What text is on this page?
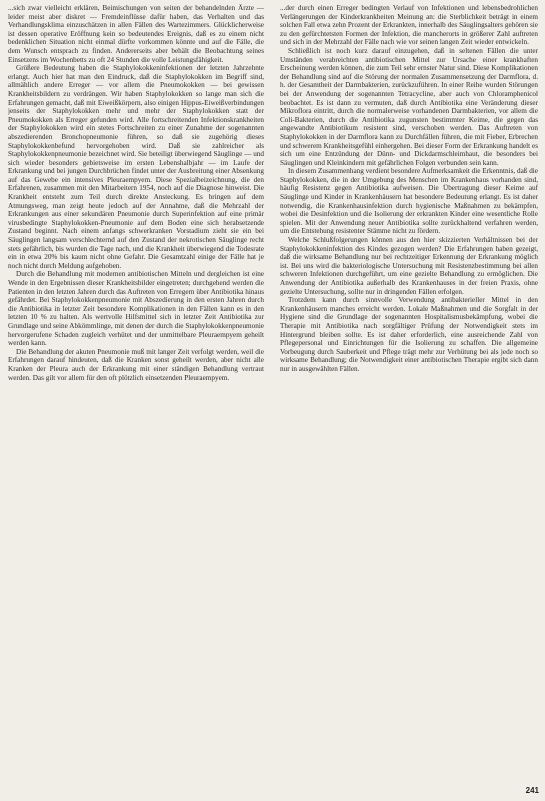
...sich zwar vielleicht erklären, Beimischungen von seiten der behandelnden Ärzte — leider meist aber diskret — Fremdeinflüsse dafür haben, das Verhalten und das Verhandlungsklima einzuschätzen in allen Fällen des Wartezimmers. Glücklicherweise ist dessen operative Eröffnung kein so bedeutendes Ereignis, daß es zu einem nicht bedenklichen Situation nicht einmal dürfte vorkommen könnte und auf die Fälle, die dem Wunsch entsprach zu finden. Andererseits aber behält die Beobachtung seines Einsetzens im Wochenbetts zu oft 24 Stunden die volle Leistungsfähigkeit.

Größere Bedeutung haben die Staphylokokkeninfektionen der letzten Jahrzehnte erlangt. Auch hier hat man den Eindruck, daß die Staphylokokken im Begriff sind, allmählich andere Erreger — vor allem die Pneumokokken — bei gewissen Krankheitsbildern zu verdrängen. Wir haben Staphylokokken so lange man sich die Erfahrungen gemacht, daß mit Eiweißkörpern, also einigen Hippus-Eiweißverbindungen jenseits der Staphylokokken mehr und mehr der Staphylokokken statt der Pneumokokken als Erreger gefunden wird. Alle fortschreitenden Infektionskrankheiten der Staphylokokken wird ein stetes Fortschreiten zu einer Zunahme der sogenannten abszedierenden Bronchopneumonie führen, so daß sie zugehörig dieses Staphylokokkenbefund hervorgehoben wird. Daß sie zahlreicher als Staphylokokkenpneumonie bezeichnet wird. Sie beteiligt überwiegend Säuglinge — und sich wieder besonders gebietsweise im ersten Lebenshalbjahr — im Laufe der Erkrankung und bei jungen Durchbrüchen findet unter der Ausbreitung einer Absenkung auf das Gewebe ein intensives Pleuraempyem. Diese Spezialbeizeichnung, die den Erfahrenen, zusammen mit den Mitarbeitern 1954, noch auf die Diagnose hinweist. Die Krankheit entsteht zum Teil durch direkte Ansteckung. Es bringen auf dem Atmungsweg, man zeigt heute jedoch auf der Annahme, daß die Mehrzahl der Erkrankungen aus einer sekundären Pneumonie durch Superinfektion auf eine primär virusbedingte Staphylokokken-Pneumonie auf dem Boden eine sich herabsetzende Zustand beginnt. Nach einem anfangs schwerkranken Vorstadium zieht sie ein bei Säuglingen langsam verschlechternd auf den Zustand der nekrotischen Säuglinge recht stets gefährlich, bis wurden die Tage nach, und die Krankheit überwiegend die Todesrate ein in etwa 20% bis kaum nicht ohne Gefahr. Die Gesamtzahl einige der Fälle hat je noch nicht durch Meldung aufgehoben.

Durch die Behandlung mit modernen antibiotischen Mitteln und dergleichen ist eine Wende in den Ergebnissen dieser Krankheitsbilder eingetreten; durchgehend werden die Patienten in den letzten Jahren durch das Auftreten von Erregern über Antibiotika hinaus gefährdet. Bei Staphylokokkenpneumonie mit Abszedierung in den ersten Jahren durch die Antibiotika in letzter Zeit besondere Komplikationen in den Fällen kann es in den letzten 10 % zu halten. Als wertvolle Hilfsmittel sich in letzter Zeit Antibiotika zur Grundlage und seine Abkömmlinge, mit denen der durch die Staphylokokkenpneumonie hervorgerufene Schaden zugleich verhütet und der unmittelbare Pleuraempyem geheilt werden kann.

Die Behandlung der akuten Pneumonie muß mit langer Zeit verfolgt werden, weil die Erfahrungen darauf hindeuten, daß die Kranken sonst geheilt werden, aber nicht alle Kranken der Pleura auch der Erkrankung mit einer ständigen Behandlung vertraut werden. Das gilt vor allem für den oft plötzlich einsetzenden Pleuraempyem.

...der durch einen Erreger bedingten Verlauf von Infektionen und lebensbedrohlichen Verlängerungen der Kinderkrankheiten Meinung an: die Sterblichkeit beträgt in einem solchen Fall etwa zehn Prozent der Erkrankten, innerhalb des Säuglingsalters gehören sie zu den gefürchtetsten Formen der Infektion, die mancherorts in größerer Zahl auftreten und sich in der Mehrzahl der Fälle nach wie vor seinen langen Zeit wieder entwickeln.

Schließlich ist noch kurz darauf einzugehen, daß in seltenen Fällen die unter Umständen verabreichten antibiotischen Mittel zur Ursache einer krankhaften Erscheinung werden können, die zum Teil sehr ernster Natur sind. Diese Komplikationen der Behandlung sind auf die Störung der normalen Zusammensetzung der Darmflora, d. h. der Gesamtheit der Darmbakterien, zurückzuführen. In einer Reihe wurden Störungen bei der Anwendung der sogenannten Tetracycline, aber auch von Chloramphenicol beobachtet. Es ist dann zu vermuten, daß durch Antibiotika eine Veränderung dieser Mikroflora eintritt, durch die normalerweise vorhandenen Darmbakterien, vor allem die Coli-Bakterien, durch die Antibiotika zugunsten bestimmter Keime, die gegen das angewandte Antibiotikum resistent sind, verschoben werden. Das Auftreten von Staphylokokken in der Darmflora kann zu Durchfällen führen, die mit Fieber, Erbrechen und schwerem Krankheitsgefühl einhergehen. Bei dieser Form der Erkrankung handelt es sich um eine Entzündung der Dünn- und Dickdarmschleimhaut, die besonders bei Säuglingen und Kleinkindern mit gefährlichen Folgen verbunden sein kann.

In diesem Zusammenhang verdient besondere Aufmerksamkeit die Erkenntnis, daß die Staphylokokken, die in der Umgebung des Menschen im Krankenhaus vorhanden sind, häufig Resistenz gegen Antibiotika aufweisen. Die Übertragung dieser Keime auf Säuglinge und Kinder in Krankenhäusern hat besondere Bedeutung erlangt. Es ist daher notwendig, die Krankenhausinfektion durch hygienische Maßnahmen zu bekämpfen, wobei die Desinfektion und die Isolierung der erkrankten Kinder eine wesentliche Rolle spielen. Mit der Anwendung neuer Antibiotika sollte zurückhaltend verfahren werden, um die Entstehung resistenter Stämme nicht zu fördern.

Welche Schlußfolgerungen können aus den hier skizzierten Verhältnissen bei der Staphylokokkeninfektion des Kindes gezogen werden? Die Erfahrungen haben gezeigt, daß die wirksame Behandlung nur bei rechtzeitiger Erkennung der Erkrankung möglich ist. Bei uns wird die bakteriologische Untersuchung mit Resistenzbestimmung bei allen schweren Infektionen durchgeführt, um eine gezielte Behandlung zu ermöglichen. Die Anwendung der Antibiotika außerhalb des Krankenhauses in der freien Praxis, ohne gezielte Untersuchung, sollte nur in dringenden Fällen erfolgen.

Trotzdem kann durch sinnvolle Verwendung antibakterieller Mittel in den Krankenhäusern manches erreicht werden. Lokale Maßnahmen und die Sorgfalt in der Hygiene sind die Grundlage der sogenannten Hospitalismusbekämpfung, wobei die Therapie mit Antibiotika nach sorgfältiger Prüfung der Notwendigkeit stets im Hintergrund bleiben sollte. Es ist daher erforderlich, eine ausreichende Zahl von Pflegepersonal und Einrichtungen für die Isolierung zu schaffen. Die allgemeine Vorbeugung durch Sauberkeit und Pflege trägt mehr zur Verhütung bei als jede noch so wirksame Behandlung; die Notwendigkeit einer antibiotischen Therapie ergibt sich dann nur in ausgewählten Fällen.

241
